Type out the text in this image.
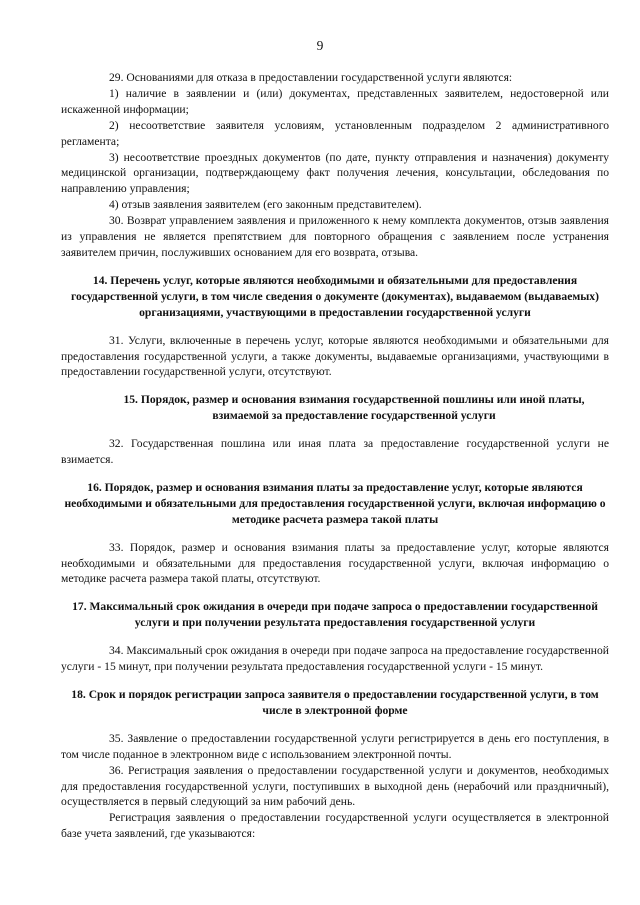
9

29. Основаниями для отказа в предоставлении государственной услуги являются:

1) наличие в заявлении и (или) документах, представленных заявителем, недостоверной или искаженной информации;

2) несоответствие заявителя условиям, установленным подразделом 2 административного регламента;

3) несоответствие проездных документов (по дате, пункту отправления и назначения) документу медицинской организации, подтверждающему факт получения лечения, консультации, обследования по направлению управления;

4) отзыв заявления заявителем (его законным представителем).

30. Возврат управлением заявления и приложенного к нему комплекта документов, отзыв заявления из управления не является препятствием для повторного обращения с заявлением после устранения заявителем причин, послуживших основанием для его возврата, отзыва.

14. Перечень услуг, которые являются необходимыми и обязательными для предоставления государственной услуги, в том числе сведения о документе (документах), выдаваемом (выдаваемых) организациями, участвующими в предоставлении государственной услуги

31. Услуги, включенные в перечень услуг, которые являются необходимыми и обязательными для предоставления государственной услуги, а также документы, выдаваемые организациями, участвующими в предоставлении государственной услуги, отсутствуют.

15. Порядок, размер и основания взимания государственной пошлины или иной платы, взимаемой за предоставление государственной услуги

32. Государственная пошлина или иная плата за предоставление государственной услуги не взимается.

16. Порядок, размер и основания взимания платы за предоставление услуг, которые являются необходимыми и обязательными для предоставления государственной услуги, включая информацию о методике расчета размера такой платы

33. Порядок, размер и основания взимания платы за предоставление услуг, которые являются необходимыми и обязательными для предоставления государственной услуги, включая информацию о методике расчета размера такой платы, отсутствуют.

17. Максимальный срок ожидания в очереди при подаче запроса о предоставлении государственной услуги и при получении результата предоставления государственной услуги

34. Максимальный срок ожидания в очереди при подаче запроса на предоставление государственной услуги - 15 минут, при получении результата предоставления государственной услуги - 15 минут.

18. Срок и порядок регистрации запроса заявителя о предоставлении государственной услуги, в том числе в электронной форме

35. Заявление о предоставлении государственной услуги регистрируется в день его поступления, в том числе поданное в электронном виде с использованием электронной почты.

36. Регистрация заявления о предоставлении государственной услуги и документов, необходимых для предоставления государственной услуги, поступивших в выходной день (нерабочий или праздничный), осуществляется в первый следующий за ним рабочий день.

Регистрация заявления о предоставлении государственной услуги осуществляется в электронной базе учета заявлений, где указываются:
